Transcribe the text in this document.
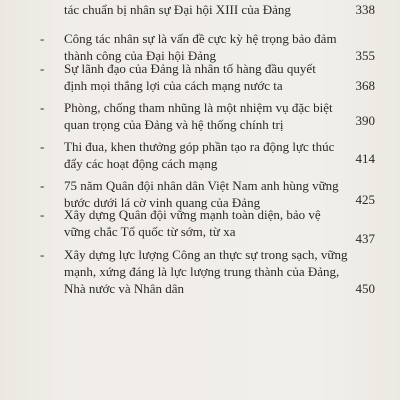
tác chuẩn bị nhân sự Đại hội XIII của Đảng	338
- Công tác nhân sự là vấn đề cực kỳ hệ trọng bảo đảm
thành công của Đại hội Đảng	355
- Sự lãnh đạo của Đảng là nhân tố hàng đầu quyết
định mọi thắng lợi của cách mạng nước ta	368
- Phòng, chống tham nhũng là một nhiệm vụ đặc biệt
quan trọng của Đảng và hệ thống chính trị	390
- Thi đua, khen thưởng góp phần tạo ra động lực thúc
đẩy các hoạt động cách mạng	414
- 75 năm Quân đội nhân dân Việt Nam anh hùng vững
bước dưới lá cờ vinh quang của Đảng	425
- Xây dựng Quân đội vững mạnh toàn diện, bảo vệ
vững chắc Tổ quốc từ sớm, từ xa	437
- Xây dựng lực lượng Công an thực sự trong sạch, vững
mạnh, xứng đáng là lực lượng trung thành của Đảng,
Nhà nước và Nhân dân	450
